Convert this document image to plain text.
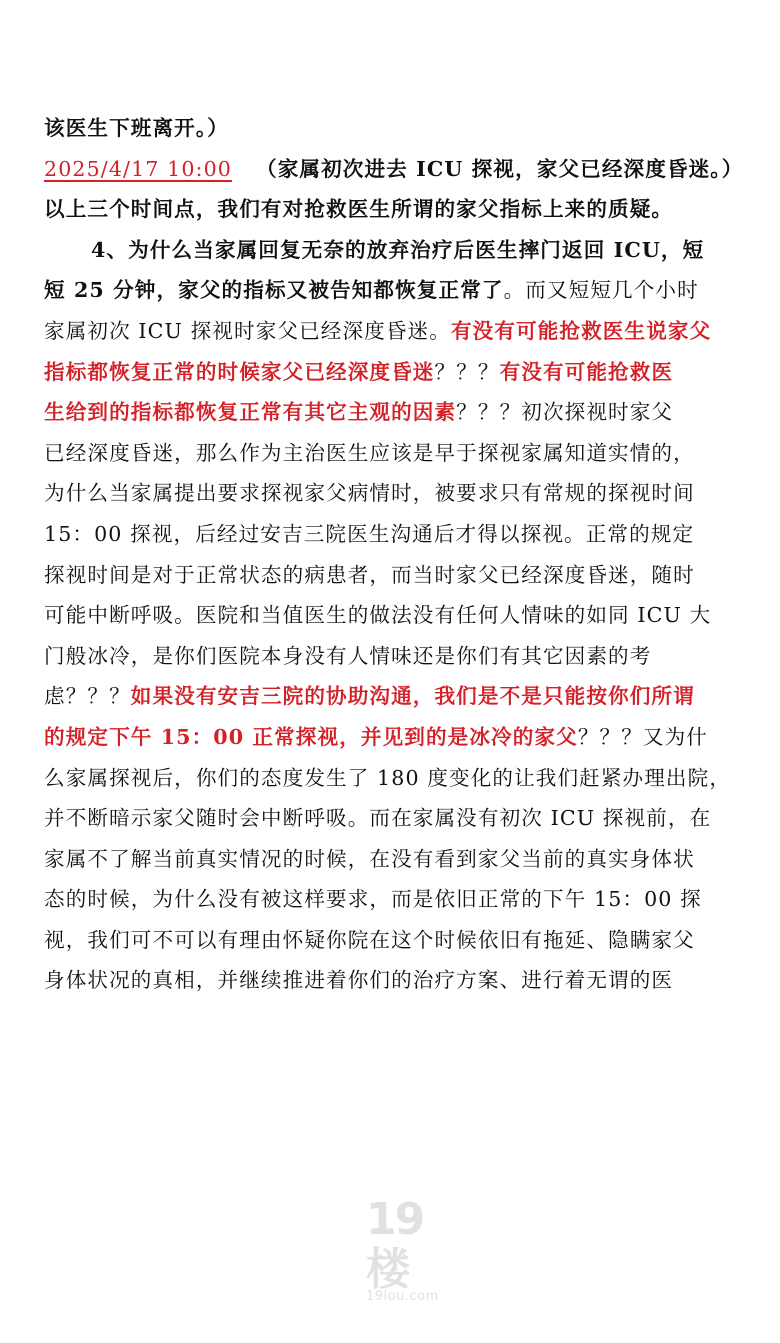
该医生下班离开。）
2025/4/17 10:00 （家属初次进去 ICU 探视，家父已经深度昏迷。）
以上三个时间点，我们有对抢救医生所谓的家父指标上来的质疑。
4、为什么当家属回复无奈的放弃治疗后医生摔门返回 ICU，短
短 25 分钟，家父的指标又被告知都恢复正常了。而又短短几个小时
家属初次 ICU 探视时家父已经深度昏迷。有没有可能抢救医生说家父
指标都恢复正常的时候家父已经深度昏迷？？？有没有可能抢救医
生给到的指标都恢复正常有其它主观的因素？？？初次探视时家父
已经深度昏迷，那么作为主治医生应该是早于探视家属知道实情的，
为什么当家属提出要求探视家父病情时，被要求只有常规的探视时间
15：00 探视，后经过安吉三院医生沟通后才得以探视。正常的规定
探视时间是对于正常状态的病患者，而当时家父已经深度昏迷，随时
可能中断呼吸。医院和当值医生的做法没有任何人情味的如同 ICU 大
门般冰冷，是你们医院本身没有人情味还是你们有其它因素的考
虑？？？如果没有安吉三院的协助沟通，我们是不是只能按你们所谓
的规定下午 15：00 正常探视，并见到的是冰冷的家父？？？又为什
么家属探视后，你们的态度发生了 180 度变化的让我们赶紧办理出院，
并不断暗示家父随时会中断呼吸。而在家属没有初次 ICU 探视前，在
家属不了解当前真实情况的时候，在没有看到家父当前的真实身体状
态的时候，为什么没有被这样要求，而是依旧正常的下午 15：00 探
视，我们可不可以有理由怀疑你院在这个时候依旧有拖延、隐瞒家父
身体状况的真相，并继续推进着你们的治疗方案、进行着无谓的医
19楼
19lou.com
